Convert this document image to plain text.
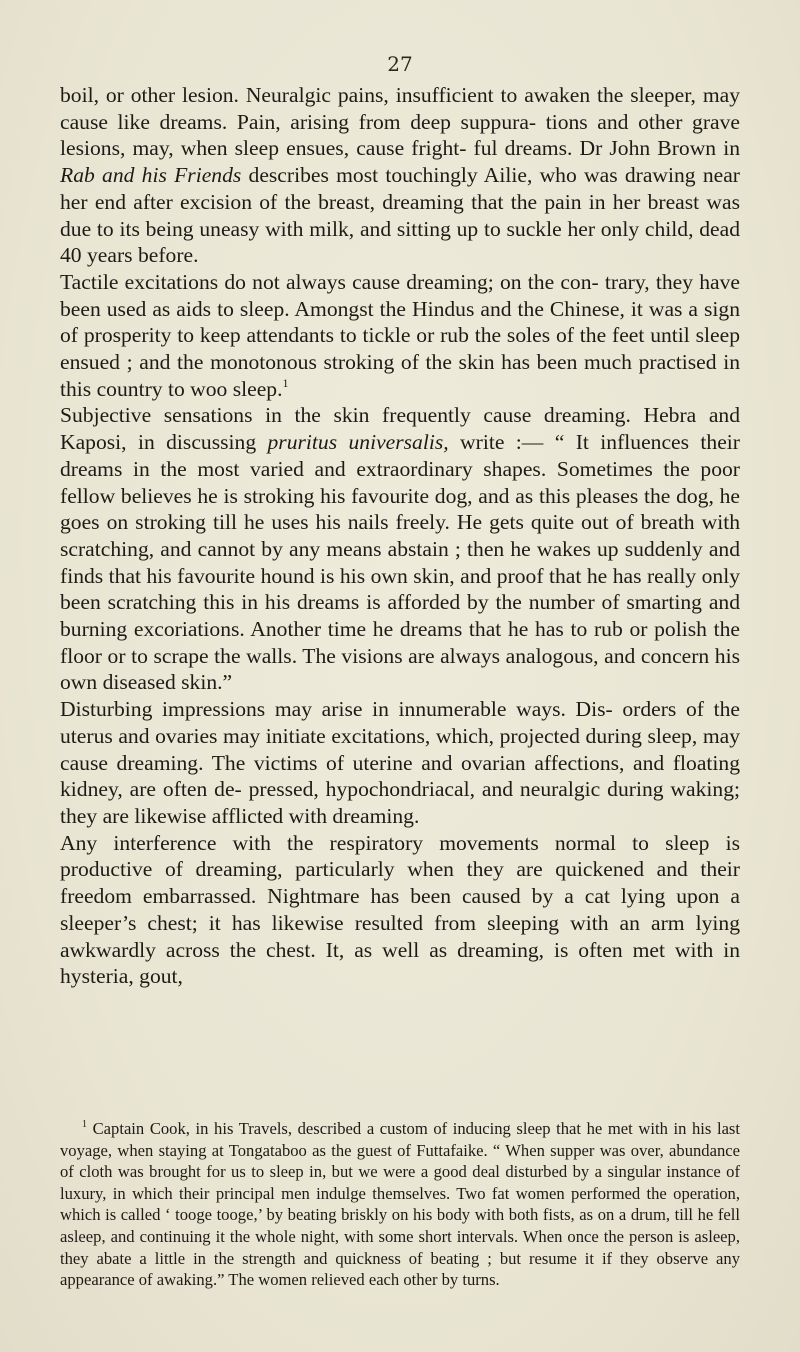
27

boil, or other lesion. Neuralgic pains, insufficient to awaken the sleeper, may cause like dreams. Pain, arising from deep suppura- tions and other grave lesions, may, when sleep ensues, cause fright- ful dreams. Dr John Brown in Rab and his Friends describes most touchingly Ailie, who was drawing near her end after excision of the breast, dreaming that the pain in her breast was due to its being uneasy with milk, and sitting up to suckle her only child, dead 40 years before.

Tactile excitations do not always cause dreaming; on the con- trary, they have been used as aids to sleep. Amongst the Hindus and the Chinese, it was a sign of prosperity to keep attendants to tickle or rub the soles of the feet until sleep ensued ; and the monotonous stroking of the skin has been much practised in this country to woo sleep.$^1$

Subjective sensations in the skin frequently cause dreaming. Hebra and Kaposi, in discussing pruritus universalis, write :— “ It influences their dreams in the most varied and extraordinary shapes. Sometimes the poor fellow believes he is stroking his favourite dog, and as this pleases the dog, he goes on stroking till he uses his nails freely. He gets quite out of breath with scratching, and cannot by any means abstain ; then he wakes up suddenly and finds that his favourite hound is his own skin, and proof that he has really only been scratching this in his dreams is afforded by the number of smarting and burning excoriations. Another time he dreams that he has to rub or polish the floor or to scrape the walls. The visions are always analogous, and concern his own diseased skin.”

Disturbing impressions may arise in innumerable ways. Dis- orders of the uterus and ovaries may initiate excitations, which, projected during sleep, may cause dreaming. The victims of uterine and ovarian affections, and floating kidney, are often de- pressed, hypochondriacal, and neuralgic during waking; they are likewise afflicted with dreaming.

Any interference with the respiratory movements normal to sleep is productive of dreaming, particularly when they are quickened and their freedom embarrassed. Nightmare has been caused by a cat lying upon a sleeper’s chest; it has likewise resulted from sleeping with an arm lying awkwardly across the chest. It, as well as dreaming, is often met with in hysteria, gout,

$^1$ Captain Cook, in his Travels, described a custom of inducing sleep that he met with in his last voyage, when staying at Tongataboo as the guest of Futtafaike. “ When supper was over, abundance of cloth was brought for us to sleep in, but we were a good deal disturbed by a singular instance of luxury, in which their principal men indulge themselves. Two fat women performed the operation, which is called ‘ tooge tooge,’ by beating briskly on his body with both fists, as on a drum, till he fell asleep, and continuing it the whole night, with some short intervals. When once the person is asleep, they abate a little in the strength and quickness of beating ; but resume it if they observe any appearance of awaking.” The women relieved each other by turns.
